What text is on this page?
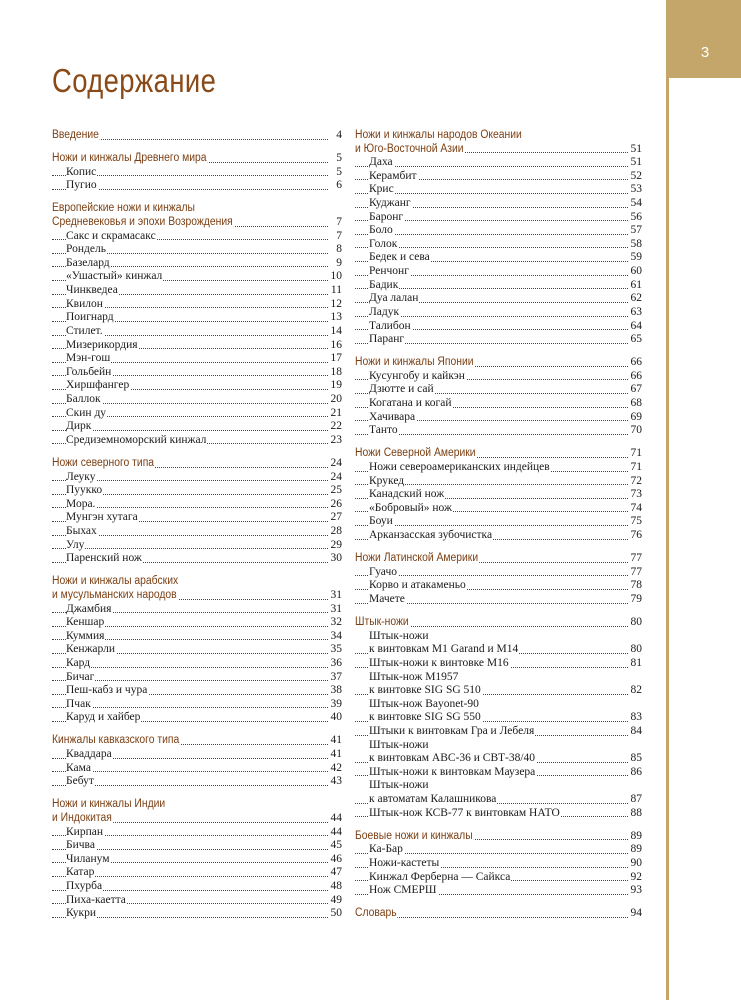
3
Содержание
Введение	4
Ножи и кинжалы Древнего мира	5
Копис	5
Пугио	6
Европейские ножи и кинжалы
Средневековья и эпохи Возрождения	7
Сакс и скрамасакс	7
Рондель	8
Базелард	9
«Ушастый» кинжал	10
Чинкведеа	11
Квилон	12
Поигнард	13
Стилет.	14
Мизерикордия	16
Мэн-гош	17
Гольбейн	18
Хиршфангер	19
Баллок	20
Скин ду	21
Дирк	22
Средиземноморский кинжал	23
Ножи северного типа	24
Леуку	24
Пуукко	25
Мора.	26
Мунгэн хутага	27
Быхах	28
Улу	29
Паренский нож	30
Ножи и кинжалы арабских
и мусульманских народов	31
Джамбия	31
Кеншар	32
Куммия	34
Кенжарли	35
Кард	36
Бичаг	37
Пеш-кабз и чура	38
Пчак	39
Каруд и хайбер	40
Кинжалы кавказского типа	41
Кваддара	41
Кама	42
Бебут	43
Ножи и кинжалы Индии
и Индокитая	44
Кирпан	44
Бичва	45
Чиланум	46
Катар	47
Пхурба	48
Пиха-каетта	49
Кукри	50
Ножи и кинжалы народов Океании
и Юго-Восточной Азии	51
Даха	51
Керамбит	52
Крис	53
Куджанг	54
Баронг	56
Боло	57
Голок	58
Бедек и сева	59
Ренчонг	60
Бадик	61
Дуа лалан	62
Ладук	63
Талибон	64
Паранг	65
Ножи и кинжалы Японии	66
Кусунгобу и кайкэн	66
Дзютте и сай	67
Когатана и когай	68
Хачивара	69
Танто	70
Ножи Северной Америки	71
Ножи североамериканских индейцев	71
Крукед	72
Канадский нож	73
«Бобровый» нож	74
Боуи	75
Арканзасская зубочистка	76
Ножи Латинской Америки	77
Гуачо	77
Корво и атакаменьо	78
Мачете	79
Штык-ножи	80
Штык-ножи
к винтовкам M1 Garand и M14	80
Штык-ножи к винтовке M16	81
Штык-нож M1957
к винтовке SIG SG 510	82
Штык-нож Bayonet-90
к винтовке SIG SG 550	83
Штыки к винтовкам Гра и Лебеля	84
Штык-ножи
к винтовкам АВС-36 и СВТ-38/40	85
Штык-ножи к винтовкам Маузера	86
Штык-ножи
к автоматам Калашникова	87
Штык-нож КСВ-77 к винтовкам НАТО	88
Боевые ножи и кинжалы	89
Ка-Бар	89
Ножи-кастеты	90
Кинжал Ферберна — Сайкса	92
Нож СМЕРШ	93
Словарь	94
